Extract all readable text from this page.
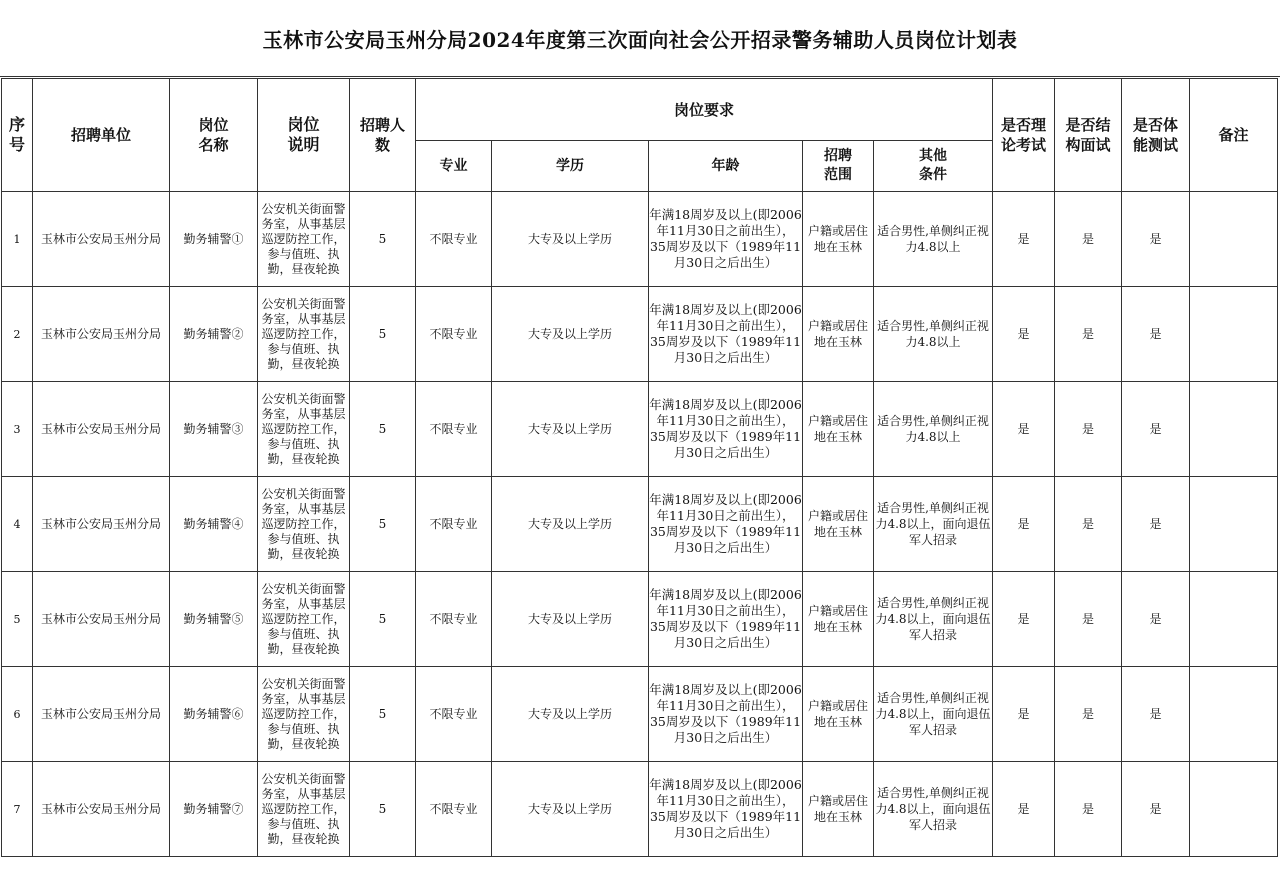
玉林市公安局玉州分局2024年度第三次面向社会公开招录警务辅助人员岗位计划表
序号	招聘单位	岗位名称	岗位说明	招聘人数	岗位要求					是否理论考试	是否结构面试	是否体能测试	备注
					专业	学历	年龄	招聘范围	其他条件				
1	玉林市公安局玉州分局	勤务辅警①	公安机关街面警务室，从事基层巡逻防控工作，参与值班、执勤，昼夜轮换	5	不限专业	大专及以上学历	年满18周岁及以上(即2006年11月30日之前出生），35周岁及以下（1989年11月30日之后出生）	户籍或居住地在玉林	适合男性,单侧纠正视力4.8以上	是	是	是	
2	玉林市公安局玉州分局	勤务辅警②	公安机关街面警务室，从事基层巡逻防控工作，参与值班、执勤，昼夜轮换	5	不限专业	大专及以上学历	年满18周岁及以上(即2006年11月30日之前出生），35周岁及以下（1989年11月30日之后出生）	户籍或居住地在玉林	适合男性,单侧纠正视力4.8以上	是	是	是	
3	玉林市公安局玉州分局	勤务辅警③	公安机关街面警务室，从事基层巡逻防控工作，参与值班、执勤，昼夜轮换	5	不限专业	大专及以上学历	年满18周岁及以上(即2006年11月30日之前出生），35周岁及以下（1989年11月30日之后出生）	户籍或居住地在玉林	适合男性,单侧纠正视力4.8以上	是	是	是	
4	玉林市公安局玉州分局	勤务辅警④	公安机关街面警务室，从事基层巡逻防控工作，参与值班、执勤，昼夜轮换	5	不限专业	大专及以上学历	年满18周岁及以上(即2006年11月30日之前出生），35周岁及以下（1989年11月30日之后出生）	户籍或居住地在玉林	适合男性,单侧纠正视力4.8以上，面向退伍军人招录	是	是	是	
5	玉林市公安局玉州分局	勤务辅警⑤	公安机关街面警务室，从事基层巡逻防控工作，参与值班、执勤，昼夜轮换	5	不限专业	大专及以上学历	年满18周岁及以上(即2006年11月30日之前出生），35周岁及以下（1989年11月30日之后出生）	户籍或居住地在玉林	适合男性,单侧纠正视力4.8以上，面向退伍军人招录	是	是	是	
6	玉林市公安局玉州分局	勤务辅警⑥	公安机关街面警务室，从事基层巡逻防控工作，参与值班、执勤，昼夜轮换	5	不限专业	大专及以上学历	年满18周岁及以上(即2006年11月30日之前出生），35周岁及以下（1989年11月30日之后出生）	户籍或居住地在玉林	适合男性,单侧纠正视力4.8以上，面向退伍军人招录	是	是	是	
7	玉林市公安局玉州分局	勤务辅警⑦	公安机关街面警务室，从事基层巡逻防控工作，参与值班、执勤，昼夜轮换	5	不限专业	大专及以上学历	年满18周岁及以上(即2006年11月30日之前出生），35周岁及以下（1989年11月30日之后出生）	户籍或居住地在玉林	适合男性,单侧纠正视力4.8以上，面向退伍军人招录	是	是	是	
